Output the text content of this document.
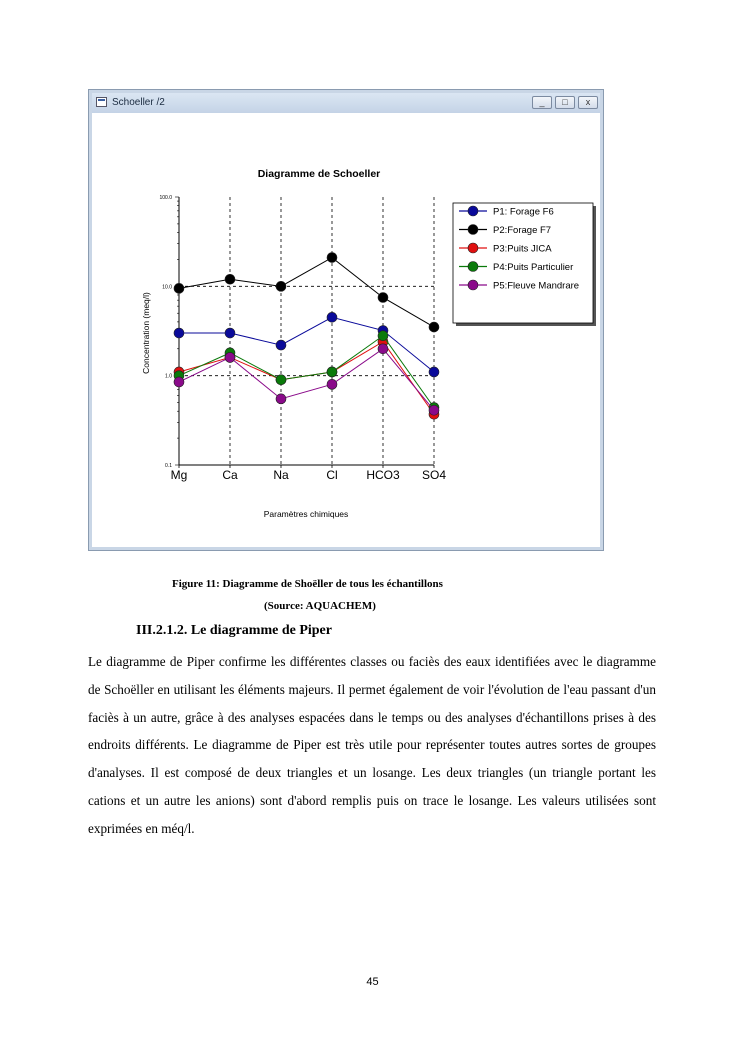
Schoeller /2	_	□	x
Diagramme de Schoeller
100.0
10.0
1.0
0.1
Mg	Ca	Na	Cl HCO3 SO4
Paramètres chimiques
Concentration (meq/l)
P1: Forage F6
P2:Forage F7
P3:Puits JICA
P4:Puits Particulier
P5:Fleuve Mandrare
Figure 11: Diagramme de Shoëller de tous les échantillons
(Source: AQUACHEM)
III.2.1.2. Le diagramme de Piper

Le diagramme de Piper confirme les différentes classes ou faciès des eaux identifiées avec le diagramme de Schoëller en utilisant les éléments majeurs. Il permet également de voir l'évolution de l'eau passant d'un faciès à un autre, grâce à des analyses espacées dans le temps ou des analyses d'échantillons prises à des endroits différents. Le diagramme de Piper est très utile pour représenter toutes autres sortes de groupes d'analyses. Il est composé de deux triangles et un losange. Les deux triangles (un triangle portant les cations et un autre les anions) sont d'abord remplis puis on trace le losange. Les valeurs utilisées sont exprimées en méq/l.

45
